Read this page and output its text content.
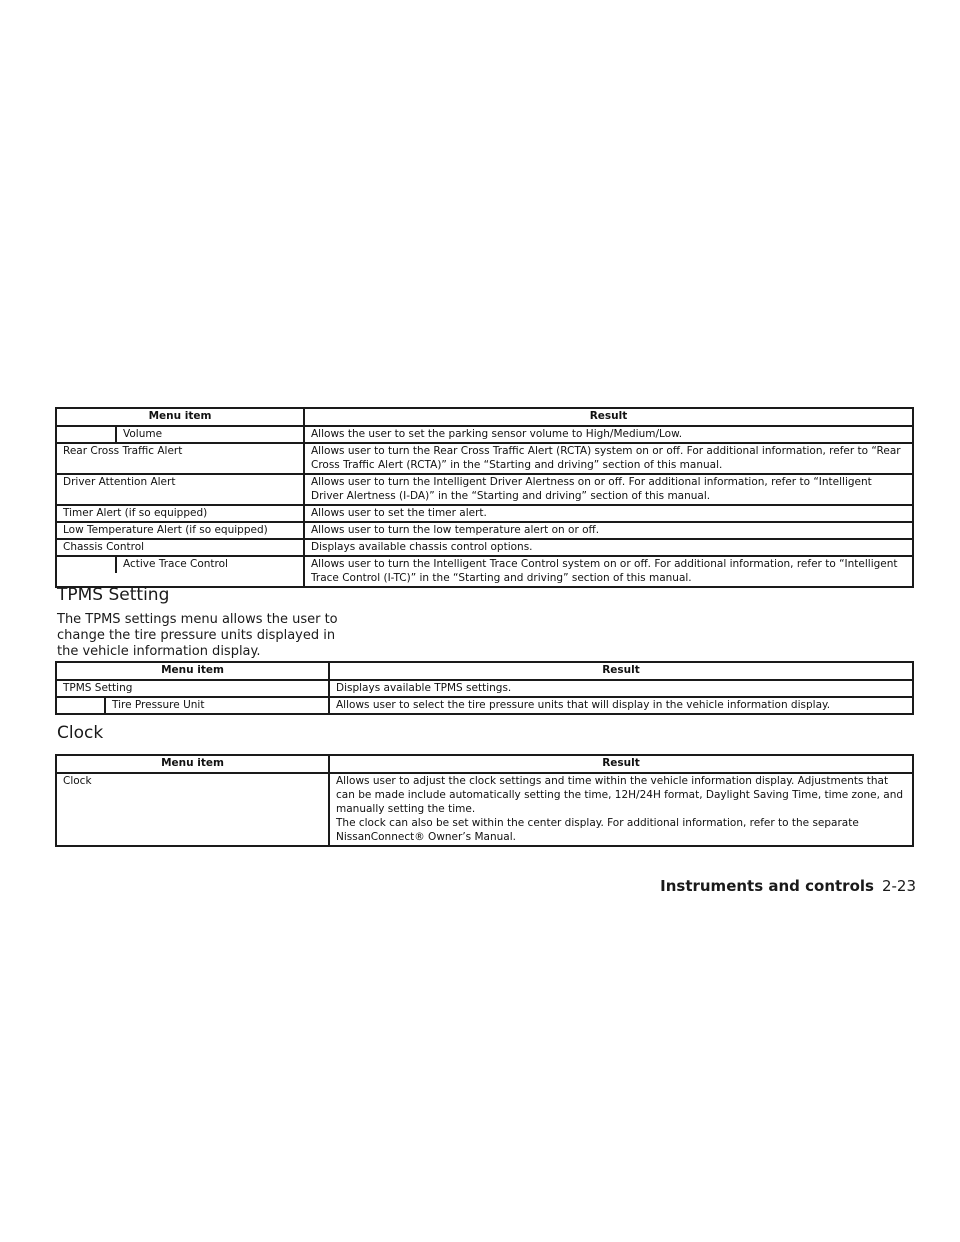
Menu item	Result

Volume	Allows the user to set the parking sensor volume to High/Medium/Low.
Rear Cross Traffic Alert	Allows user to turn the Rear Cross Traffic Alert (RCTA) system on or off. For additional information, refer to “Rear Cross Traffic Alert (RCTA)” in the “Starting and driving” section of this manual.
Driver Attention Alert	Allows user to turn the Intelligent Driver Alertness on or off. For additional information, refer to “Intelligent Driver Alertness (I-DA)” in the “Starting and driving” section of this manual.
Timer Alert (if so equipped)	Allows user to set the timer alert.
Low Temperature Alert (if so equipped)	Allows user to turn the low temperature alert on or off.
Chassis Control	Displays available chassis control options.

Active Trace Control	Allows user to turn the Intelligent Trace Control system on or off. For additional information, refer to “Intelligent Trace Control (I-TC)” in the “Starting and driving” section of this manual.
TPMS Setting
The TPMS settings menu allows the user to change the tire pressure units displayed in the vehicle information display.
Menu item	Result
TPMS Setting	Displays available TPMS settings.

Tire Pressure Unit	Allows user to select the tire pressure units that will display in the vehicle information display.
Clock
Menu item	Result
Clock	Allows user to adjust the clock settings and time within the vehicle information display. Adjustments that can be made include automatically setting the time, 12H/24H format, Daylight Saving Time, time zone, and manually setting the time.
The clock can also be set within the center display. For additional information, refer to the separate NissanConnect® Owner’s Manual.
Instruments and controls 2-23
